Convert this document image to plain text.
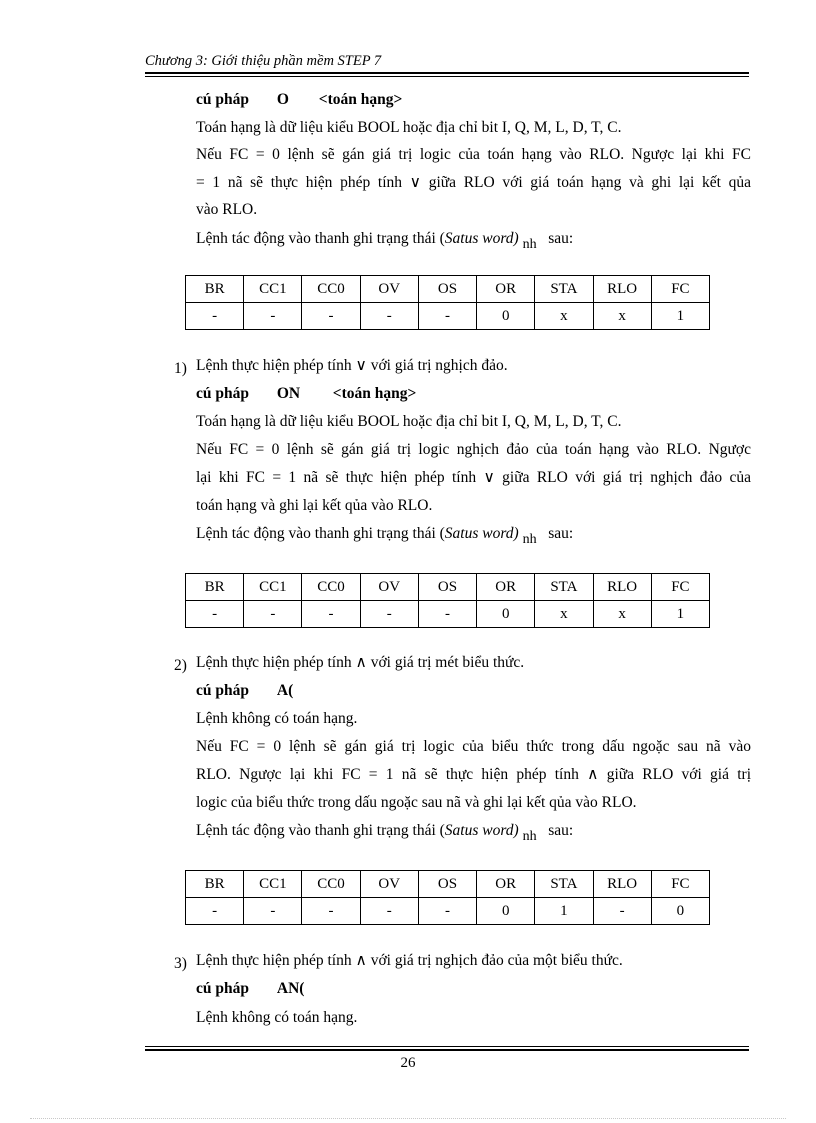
Chương 3: Giới thiệu phần mềm STEP 7
cú pháp O <toán hạng>
Toán hạng là dữ liệu kiểu BOOL hoặc địa chỉ bit I, Q, M, L, D, T, C.
Nếu FC = 0 lệnh sẽ gán giá trị logic của toán hạng vào RLO. Ngược lại khi FC
= 1 nã sẽ thực hiện phép tính ∨ giữa RLO với giá toán hạng và ghi lại kết qủa
vào RLO.
Lệnh tác động vào thanh ghi trạng thái (Satus word) nh sau:
BR	CC1	CC0	OV	OS	OR	STA	RLO	FC
-	-	-	-	-	0	x	x	1
1) Lệnh thực hiện phép tính ∨ với giá trị nghịch đảo.
cú pháp ON <toán hạng>
Toán hạng là dữ liệu kiểu BOOL hoặc địa chỉ bit I, Q, M, L, D, T, C.
Nếu FC = 0 lệnh sẽ gán giá trị logic nghịch đảo của toán hạng vào RLO. Ngược
lại khi FC = 1 nã sẽ thực hiện phép tính ∨ giữa RLO với giá trị nghịch đảo của
toán hạng và ghi lại kết qủa vào RLO.
Lệnh tác động vào thanh ghi trạng thái (Satus word) nh sau:
BR	CC1	CC0	OV	OS	OR	STA	RLO	FC
-	-	-	-	-	0	x	x	1
2) Lệnh thực hiện phép tính ∧ với giá trị mét biểu thức.
cú pháp A(
Lệnh không có toán hạng.
Nếu FC = 0 lệnh sẽ gán giá trị logic của biểu thức trong dấu ngoặc sau nã vào
RLO. Ngược lại khi FC = 1 nã sẽ thực hiện phép tính ∧ giữa RLO với giá trị
logic của biểu thức trong dấu ngoặc sau nã và ghi lại kết qủa vào RLO.
Lệnh tác động vào thanh ghi trạng thái (Satus word) nh sau:
BR	CC1	CC0	OV	OS	OR	STA	RLO	FC
-	-	-	-	-	0	1	-	0
3) Lệnh thực hiện phép tính ∧ với giá trị nghịch đảo của một biểu thức.
cú pháp AN(
Lệnh không có toán hạng.
26
